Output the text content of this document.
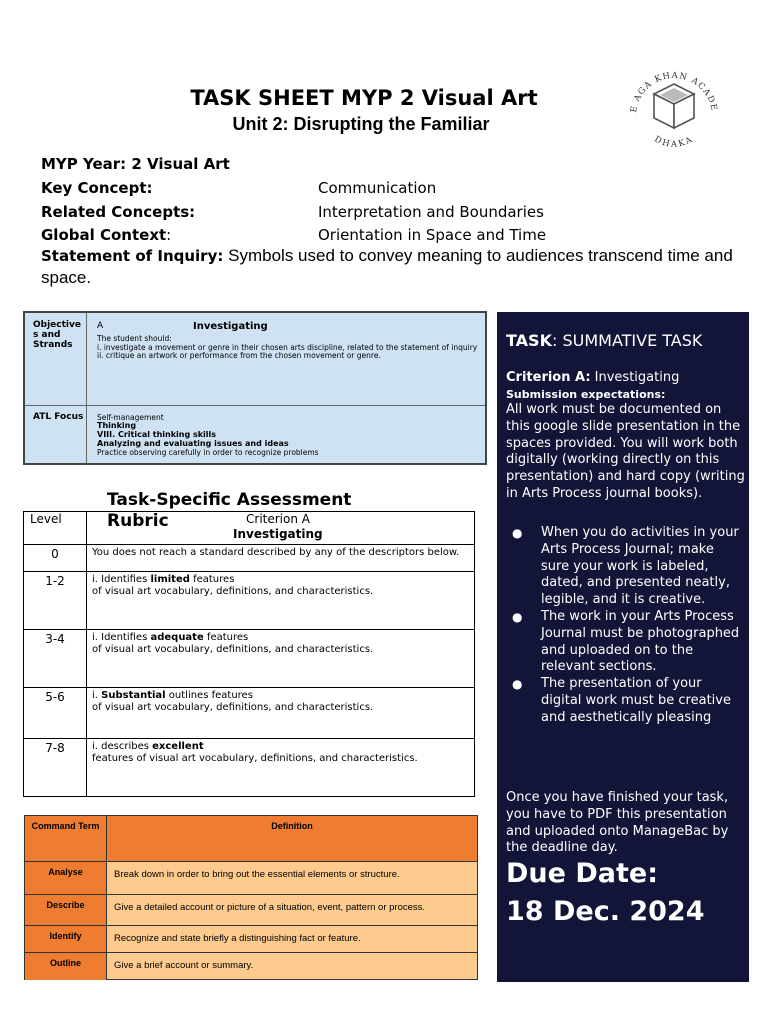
TASK SHEET MYP 2 Visual Art
Unit 2: Disrupting the Familiar
E AGA KHAN ACADE
DHAKA
MYP Year: 2 Visual Art
Key Concept:	Communication
Related Concepts:	Interpretation and Boundaries
Global Context:	Orientation in Space and Time
Statement of Inquiry: Symbols used to convey meaning to audiences transcend time and space.
Objective s and Strands
A	Investigating
The student should:
i. investigate a movement or genre in their chosen arts discipline, related to the statement of inquiry
ii. critique an artwork or performance from the chosen movement or genre.
ATL Focus	Self-management
Thinking
VIII. Critical thinking skills
Analyzing and evaluating issues and ideas
Practice observing carefully in order to recognize problems
TASK: SUMMATIVE TASK
Criterion A: Investigating
Submission expectations:
All work must be documented on this google slide presentation in the spaces provided. You will work both digitally (working directly on this presentation) and hard copy (writing in Arts Process journal books).
● When you do activities in your Arts Process Journal; make sure your work is labeled, dated, and presented neatly, legible, and it is creative.
● The work in your Arts Process Journal must be photographed and uploaded on to the relevant sections.
● The presentation of your digital work must be creative and aesthetically pleasing
Once you have finished your task, you have to PDF this presentation and uploaded onto ManageBac by the deadline day.
Due Date:
18 Dec. 2024
Task-Specific Assessment
Level	Criterion A
Investigating
0	You does not reach a standard described by any of the descriptors below.
1-2	i. Identifies limited features
of visual art vocabulary, definitions, and characteristics.
3-4	i. Identifies adequate features
of visual art vocabulary, definitions, and characteristics.
5-6	i. Substantial outlines features
of visual art vocabulary, definitions, and characteristics.
7-8	i. describes excellent
features of visual art vocabulary, definitions, and characteristics.
Rubric
Command Term	Definition
Analyse	Break down in order to bring out the essential elements or structure.
Describe	Give a detailed account or picture of a situation, event, pattern or process.
Identify	Recognize and state briefly a distinguishing fact or feature.
Outline	Give a brief account or summary.
